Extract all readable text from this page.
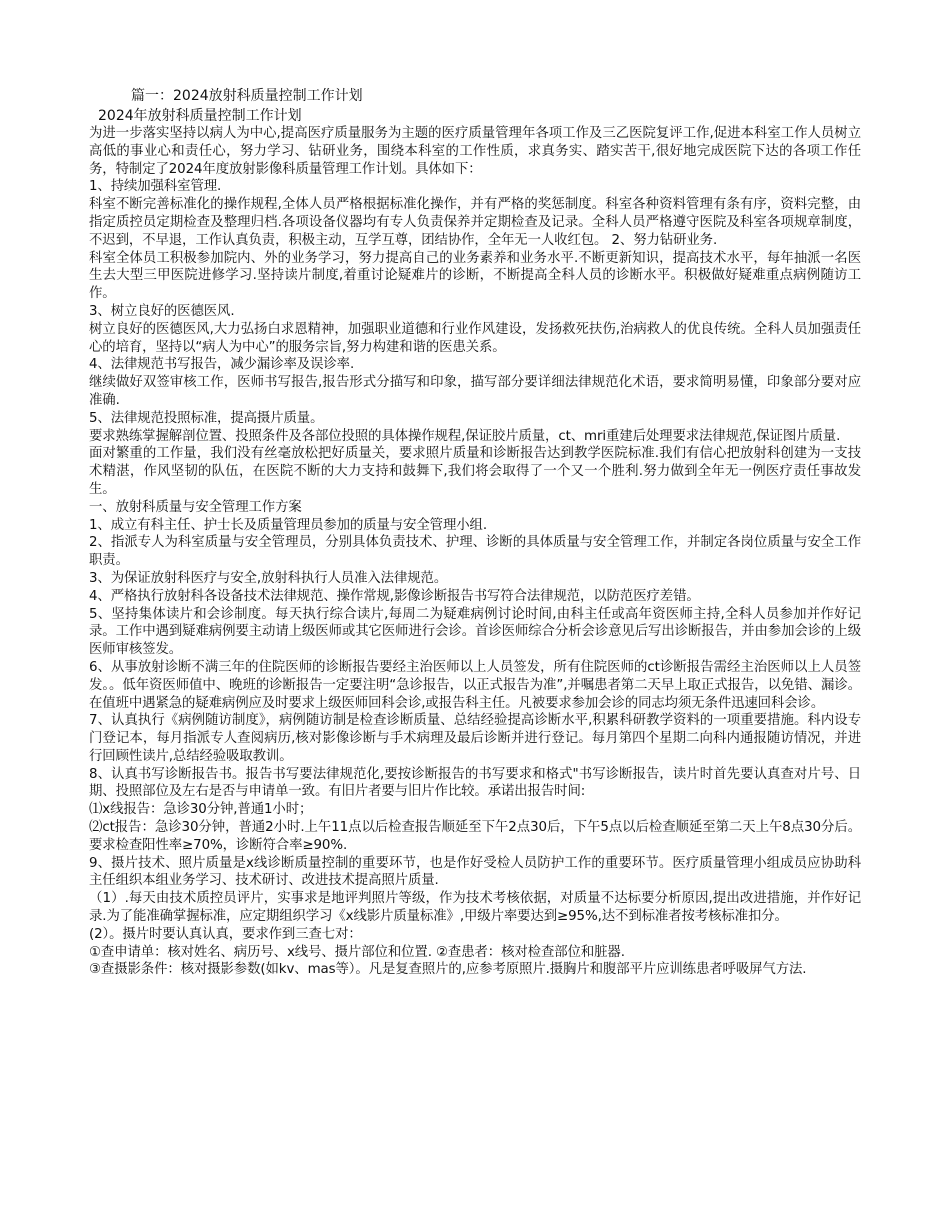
篇一：2024放射科质量控制工作计划
2024年放射科质量控制工作计划

为进一步落实坚持以病人为中心,提高医疗质量服务为主题的医疗质量管理年各项工作及三乙医院复评工作,促进本科室工作人员树立高低的事业心和责任心，努力学习、钻研业务，围绕本科室的工作性质，求真务实、踏实苦干,很好地完成医院下达的各项工作任务，特制定了2024年度放射影像科质量管理工作计划。具体如下：

1、持续加强科室管理.

科室不断完善标准化的操作规程,全体人员严格根据标准化操作，并有严格的奖惩制度。科室各种资料管理有条有序，资料完整，由指定质控员定期检查及整理归档.各项设备仪器均有专人负责保养并定期检查及记录。全科人员严格遵守医院及科室各项规章制度，不迟到，不早退，工作认真负责，积极主动，互学互尊，团结协作，全年无一人收红包。 2、努力钻研业务.

科室全体员工积极参加院内、外的业务学习，努力提高自己的业务素养和业务水平.不断更新知识，提高技术水平，每年抽派一名医生去大型三甲医院进修学习.坚持读片制度,着重讨论疑难片的诊断，不断提高全科人员的诊断水平。积极做好疑难重点病例随访工作。

3、树立良好的医德医风.

树立良好的医德医风,大力弘扬白求恩精神，加强职业道德和行业作风建设，发扬救死扶伤,治病救人的优良传统。全科人员加强责任心的培育，坚持以“病人为中心”的服务宗旨,努力构建和谐的医患关系。

4、法律规范书写报告，减少漏诊率及误诊率.

继续做好双签审核工作，医师书写报告,报告形式分描写和印象，描写部分要详细法律规范化术语，要求简明易懂，印象部分要对应准确.

5、法律规范投照标准，提高摄片质量。

要求熟练掌握解剖位置、投照条件及各部位投照的具体操作规程,保证胶片质量，ct、mri重建后处理要求法律规范,保证图片质量.

面对繁重的工作量，我们没有丝毫放松把好质量关，要求照片质量和诊断报告达到教学医院标准.我们有信心把放射科创建为一支技术精湛，作风坚韧的队伍，在医院不断的大力支持和鼓舞下,我们将会取得了一个又一个胜利.努力做到全年无一例医疗责任事故发生。

一、放射科质量与安全管理工作方案

1、成立有科主任、护士长及质量管理员参加的质量与安全管理小组.

2、指派专人为科室质量与安全管理员，分别具体负责技术、护理、诊断的具体质量与安全管理工作，并制定各岗位质量与安全工作职责。

3、为保证放射科医疗与安全,放射科执行人员准入法律规范。

4、严格执行放射科各设备技术法律规范、操作常规,影像诊断报告书写符合法律规范，以防范医疗差错。

5、坚持集体读片和会诊制度。每天执行综合读片,每周二为疑难病例讨论时间,由科主任或高年资医师主持,全科人员参加并作好记录。工作中遇到疑难病例要主动请上级医师或其它医师进行会诊。首诊医师综合分析会诊意见后写出诊断报告，并由参加会诊的上级医师审核签发。

6、从事放射诊断不满三年的住院医师的诊断报告要经主治医师以上人员签发，所有住院医师的ct诊断报告需经主治医师以上人员签发。。低年资医师值中、晚班的诊断报告一定要注明“急诊报告，以正式报告为准”,并嘱患者第二天早上取正式报告，以免错、漏诊。在值班中遇紧急的疑难病例应及时要求上级医师回科会诊,或报告科主任。凡被要求参加会诊的同志均须无条件迅速回科会诊。

7、认真执行《病例随访制度》，病例随访制是检查诊断质量、总结经验提高诊断水平,积累科研教学资料的一项重要措施。科内设专门登记本，每月指派专人查阅病历,核对影像诊断与手术病理及最后诊断并进行登记。每月第四个星期二向科内通报随访情况，并进行回顾性读片,总结经验吸取教训。

8、认真书写诊断报告书。报告书写要法律规范化,要按诊断报告的书写要求和格式"书写诊断报告，读片时首先要认真查对片号、日期、投照部位及左右是否与申请单一致。有旧片者要与旧片作比较。承诺出报告时间:

⑴x线报告：急诊30分钟,普通1小时；

⑵ct报告：急诊30分钟，普通2小时.上午11点以后检查报告顺延至下午2点30后，下午5点以后检查顺延至第二天上午8点30分后。 要求检查阳性率≥70%，诊断符合率≥90%.

9、摄片技术、照片质量是x线诊断质量控制的重要环节，也是作好受检人员防护工作的重要环节。医疗质量管理小组成员应协助科主任组织本组业务学习、技术研讨、改进技术提高照片质量.

（1）.每天由技术质控员评片，实事求是地评判照片等级，作为技术考核依据，对质量不达标要分析原因,提出改进措施，并作好记录.为了能准确掌握标准，应定期组织学习《x线影片质量标准》,甲级片率要达到≥95%,达不到标准者按考核标准扣分。

(2）。摄片时要认真认真，要求作到三查七对：

①查申请单：核对姓名、病历号、x线号、摄片部位和位置. ②查患者：核对检查部位和脏器.

③查摄影条件：核对摄影参数(如kv、mas等）。凡是复查照片的,应参考原照片.摄胸片和腹部平片应训练患者呼吸屏气方法.
